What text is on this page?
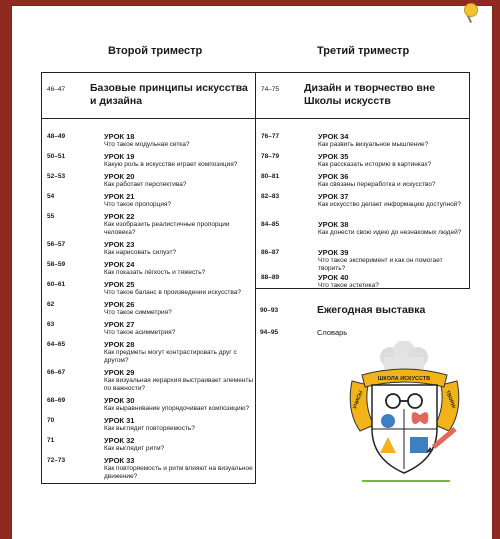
Второй триместр	Третий триместр
46–47 Базовые принципы искусства и дизайна
48–49	УРОК 18
Что такое модульная сетка?
50–51	УРОК 19
Какую роль в искусстве играет композиция?
52–53	УРОК 20
Как работает перспектива?
54	УРОК 21
Что такое пропорция?
55	УРОК 22
Как изобразить реалистичные пропорции человека?
56–57	УРОК 23
Как нарисовать силуэт?
58–59	УРОК 24
Как показать лёгкость и тяжесть?
60–61	УРОК 25
Что такое баланс в произведении искусства?
62	УРОК 26
Что такое симметрия?
63	УРОК 27
Что такое асимметрия?
64–65	УРОК 28
Как предметы могут контрастировать друг с другом?
66–67	УРОК 29
Как визуальная иерархия выстраивает элементы по важности?
68–69	УРОК 30
Как выравнивание упорядочивает композицию?
70	УРОК 31
Как выглядит повторяемость?
71	УРОК 32
Как выглядит ритм?
72–73	УРОК 33
Как повторяемость и ритм влияют на визуальное движение?
74–75 Дизайн и творчество вне Школы искусств
76–77	УРОК 34
Как развить визуальное мышление?
78–79	УРОК 35
Как рассказать историю в картинках?
80–81	УРОК 36
Как связаны переработка и искусство?
82–83	УРОК 37
Как искусство делает информацию доступной?
84–85	УРОК 38
Как донести свою идею до незнакомых людей?
86–87	УРОК 39
Что такое эксперимент и как он помогает творить?
88–89	УРОК 40
Что такое эстетика?
90–93	Ежегодная выставка
94–95	Словарь
ШКОЛА ИСКУССТВ
УЧИСЬ!	ТВОРИ!
